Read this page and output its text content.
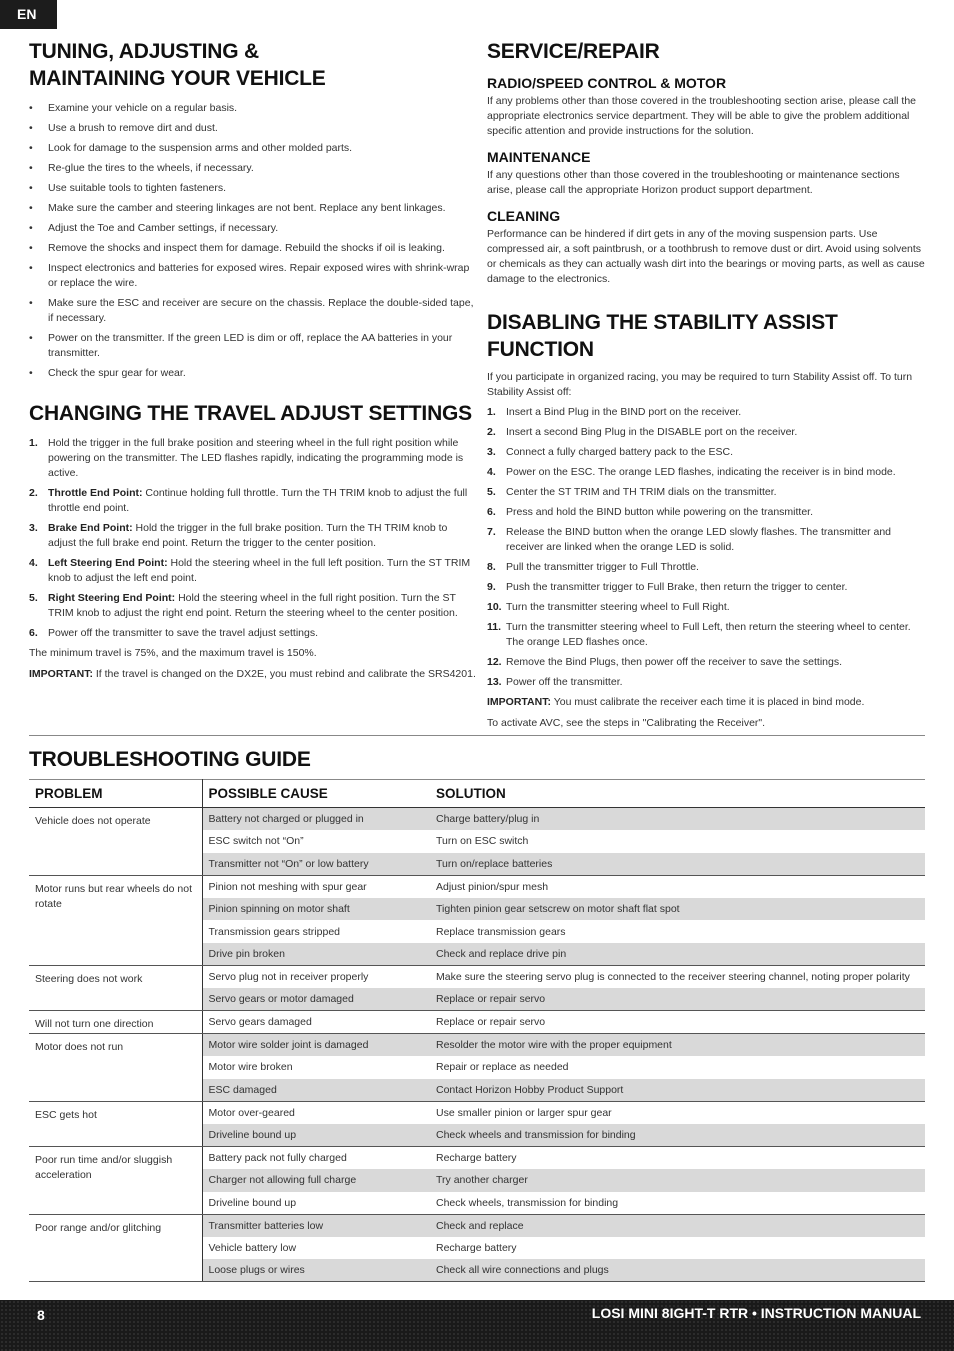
EN
TUNING, ADJUSTING &
MAINTAINING YOUR VEHICLE
• Examine your vehicle on a regular basis.
• Use a brush to remove dirt and dust.
• Look for damage to the suspension arms and other molded parts.
• Re-glue the tires to the wheels, if necessary.
• Use suitable tools to tighten fasteners.
• Make sure the camber and steering linkages are not bent. Replace any bent linkages.
• Adjust the Toe and Camber settings, if necessary.
• Remove the shocks and inspect them for damage. Rebuild the shocks if oil is leaking.
• Inspect electronics and batteries for exposed wires. Repair exposed wires with shrink-wrap or replace the wire.
• Make sure the ESC and receiver are secure on the chassis. Replace the double-sided tape, if necessary.
• Power on the transmitter. If the green LED is dim or off, replace the AA batteries in your transmitter.
• Check the spur gear for wear.
CHANGING THE TRAVEL ADJUST SETTINGS
1. Hold the trigger in the full brake position and steering wheel in the full right position while powering on the transmitter. The LED flashes rapidly, indicating the programming mode is active.
2. Throttle End Point: Continue holding full throttle. Turn the TH TRIM knob to adjust the full throttle end point.
3. Brake End Point: Hold the trigger in the full brake position. Turn the TH TRIM knob to adjust the full brake end point. Return the trigger to the center position.
4. Left Steering End Point: Hold the steering wheel in the full left position. Turn the ST TRIM knob to adjust the left end point.
5. Right Steering End Point: Hold the steering wheel in the full right position. Turn the ST TRIM knob to adjust the right end point. Return the steering wheel to the center position.
6. Power off the transmitter to save the travel adjust settings.

The minimum travel is 75%, and the maximum travel is 150%.

IMPORTANT: If the travel is changed on the DX2E, you must rebind and calibrate the SRS4201.

SERVICE/REPAIR
RADIO/SPEED CONTROL & MOTOR

If any problems other than those covered in the troubleshooting section arise, please call the appropriate electronics service department. They will be able to give the problem additional specific attention and provide instructions for the solution.

MAINTENANCE

If any questions other than those covered in the troubleshooting or maintenance sections arise, please call the appropriate Horizon product support department.

CLEANING

Performance can be hindered if dirt gets in any of the moving suspension parts. Use compressed air, a soft paintbrush, or a toothbrush to remove dust or dirt. Avoid using solvents or chemicals as they can actually wash dirt into the bearings or moving parts, as well as cause damage to the electronics.

DISABLING THE STABILITY ASSIST FUNCTION

If you participate in organized racing, you may be required to turn Stability Assist off. To turn Stability Assist off:

1. Insert a Bind Plug in the BIND port on the receiver.
2. Insert a second Bing Plug in the DISABLE port on the receiver.
3. Connect a fully charged battery pack to the ESC.
4. Power on the ESC. The orange LED flashes, indicating the receiver is in bind mode.
5. Center the ST TRIM and TH TRIM dials on the transmitter.
6. Press and hold the BIND button while powering on the transmitter.
7. Release the BIND button when the orange LED slowly flashes. The transmitter and receiver are linked when the orange LED is solid.
8. Pull the transmitter trigger to Full Throttle.
9. Push the transmitter trigger to Full Brake, then return the trigger to center.
10. Turn the transmitter steering wheel to Full Right.
11. Turn the transmitter steering wheel to Full Left, then return the steering wheel to center. The orange LED flashes once.
12. Remove the Bind Plugs, then power off the receiver to save the settings.
13. Power off the transmitter.

IMPORTANT: You must calibrate the receiver each time it is placed in bind mode.

To activate AVC, see the steps in "Calibrating the Receiver".

TROUBLESHOOTING GUIDE
PROBLEM	POSSIBLE CAUSE	SOLUTION
Vehicle does not operate	Battery not charged or plugged in	Charge battery/plug in
	ESC switch not “On”	Turn on ESC switch
	Transmitter not “On” or low battery	Turn on/replace batteries
Motor runs but rear wheels do not rotate	Pinion not meshing with spur gear	Adjust pinion/spur mesh
	Pinion spinning on motor shaft	Tighten pinion gear setscrew on motor shaft flat spot
	Transmission gears stripped	Replace transmission gears
	Drive pin broken	Check and replace drive pin
Steering does not work	Servo plug not in receiver properly	Make sure the steering servo plug is connected to the receiver steering channel, noting proper polarity
	Servo gears or motor damaged	Replace or repair servo
Will not turn one direction	Servo gears damaged	Replace or repair servo
Motor does not run	Motor wire solder joint is damaged	Resolder the motor wire with the proper equipment
	Motor wire broken	Repair or replace as needed
	ESC damaged	Contact Horizon Hobby Product Support
ESC gets hot	Motor over-geared	Use smaller pinion or larger spur gear
	Driveline bound up	Check wheels and transmission for binding
Poor run time and/or sluggish acceleration	Battery pack not fully charged	Recharge battery
	Charger not allowing full charge	Try another charger
	Driveline bound up	Check wheels, transmission for binding
Poor range and/or glitching	Transmitter batteries low	Check and replace
	Vehicle battery low	Recharge battery
	Loose plugs or wires	Check all wire connections and plugs
8	LOSI MINI 8IGHT-T RTR • INSTRUCTION MANUAL
